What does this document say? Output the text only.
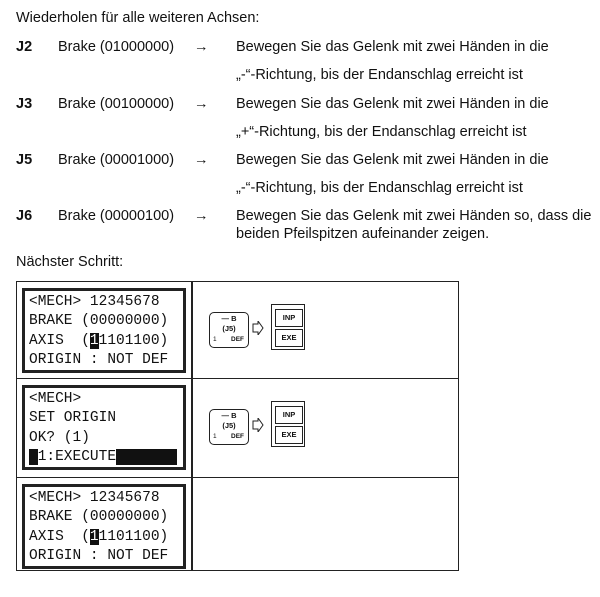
Wiederholen für alle weiteren Achsen:
J2 Brake (01000000) → Bewegen Sie das Gelenk mit zwei Händen in die
„-“-Richtung, bis der Endanschlag erreicht ist
J3 Brake (00100000) → Bewegen Sie das Gelenk mit zwei Händen in die
„+“-Richtung, bis der Endanschlag erreicht ist
J5 Brake (00001000) → Bewegen Sie das Gelenk mit zwei Händen in die
„-“-Richtung, bis der Endanschlag erreicht ist
J6 Brake (00000100) → Bewegen Sie das Gelenk mit zwei Händen so, dass die
beiden Pfeilspitzen aufeinander zeigen.
Nächster Schritt:
<MECH> 12345678
BRAKE (00000000)
AXIS  (11101100)
ORIGIN : NOT DEF
— B
(J5)
1 DEF
INP
EXE
<MECH>
SET ORIGIN
OK? (1)
1:EXECUTE
— B
(J5)
1 DEF
INP
EXE
<MECH> 12345678
BRAKE (00000000)
AXIS  (11101100)
ORIGIN : NOT DEF
